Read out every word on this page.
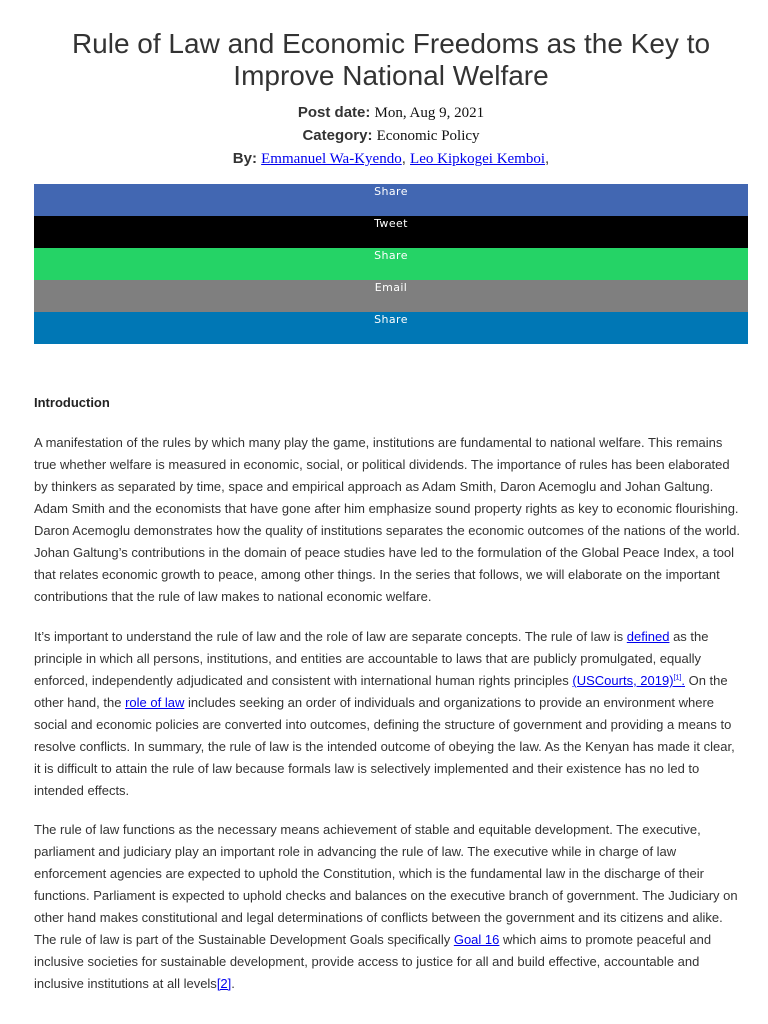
Rule of Law and Economic Freedoms as the Key to Improve National Welfare
Post date: Mon, Aug 9, 2021
Category: Economic Policy
By: Emmanuel Wa-Kyendo, Leo Kipkogei Kemboi,
Share
Tweet
Share
Email
Share

Introduction

A manifestation of the rules by which many play the game, institutions are fundamental to national welfare. This remains true whether welfare is measured in economic, social, or political dividends. The importance of rules has been elaborated by thinkers as separated by time, space and empirical approach as Adam Smith, Daron Acemoglu and Johan Galtung. Adam Smith and the economists that have gone after him emphasize sound property rights as key to economic flourishing. Daron Acemoglu demonstrates how the quality of institutions separates the economic outcomes of the nations of the world. Johan Galtung’s contributions in the domain of peace studies have led to the formulation of the Global Peace Index, a tool that relates economic growth to peace, among other things. In the series that follows, we will elaborate on the important contributions that the rule of law makes to national economic welfare.

It’s important to understand the rule of law and the role of law are separate concepts. The rule of law is defined as the principle in which all persons, institutions, and entities are accountable to laws that are publicly promulgated, equally enforced, independently adjudicated and consistent with international human rights principles (USCourts, 2019)[1]. On the other hand, the role of law includes seeking an order of individuals and organizations to provide an environment where social and economic policies are converted into outcomes, defining the structure of government and providing a means to resolve conflicts. In summary, the rule of law is the intended outcome of obeying the law. As the Kenyan has made it clear, it is difficult to attain the rule of law because formals law is selectively implemented and their existence has no led to intended effects.

The rule of law functions as the necessary means achievement of stable and equitable development. The executive, parliament and judiciary play an important role in advancing the rule of law. The executive while in charge of law enforcement agencies are expected to uphold the Constitution, which is the fundamental law in the discharge of their functions. Parliament is expected to uphold checks and balances on the executive branch of government. The Judiciary on other hand makes constitutional and legal determinations of conflicts between the government and its citizens and alike. The rule of law is part of the Sustainable Development Goals specifically Goal 16 which aims to promote peaceful and inclusive societies for sustainable development, provide access to justice for all and build effective, accountable and inclusive institutions at all levels[2].
